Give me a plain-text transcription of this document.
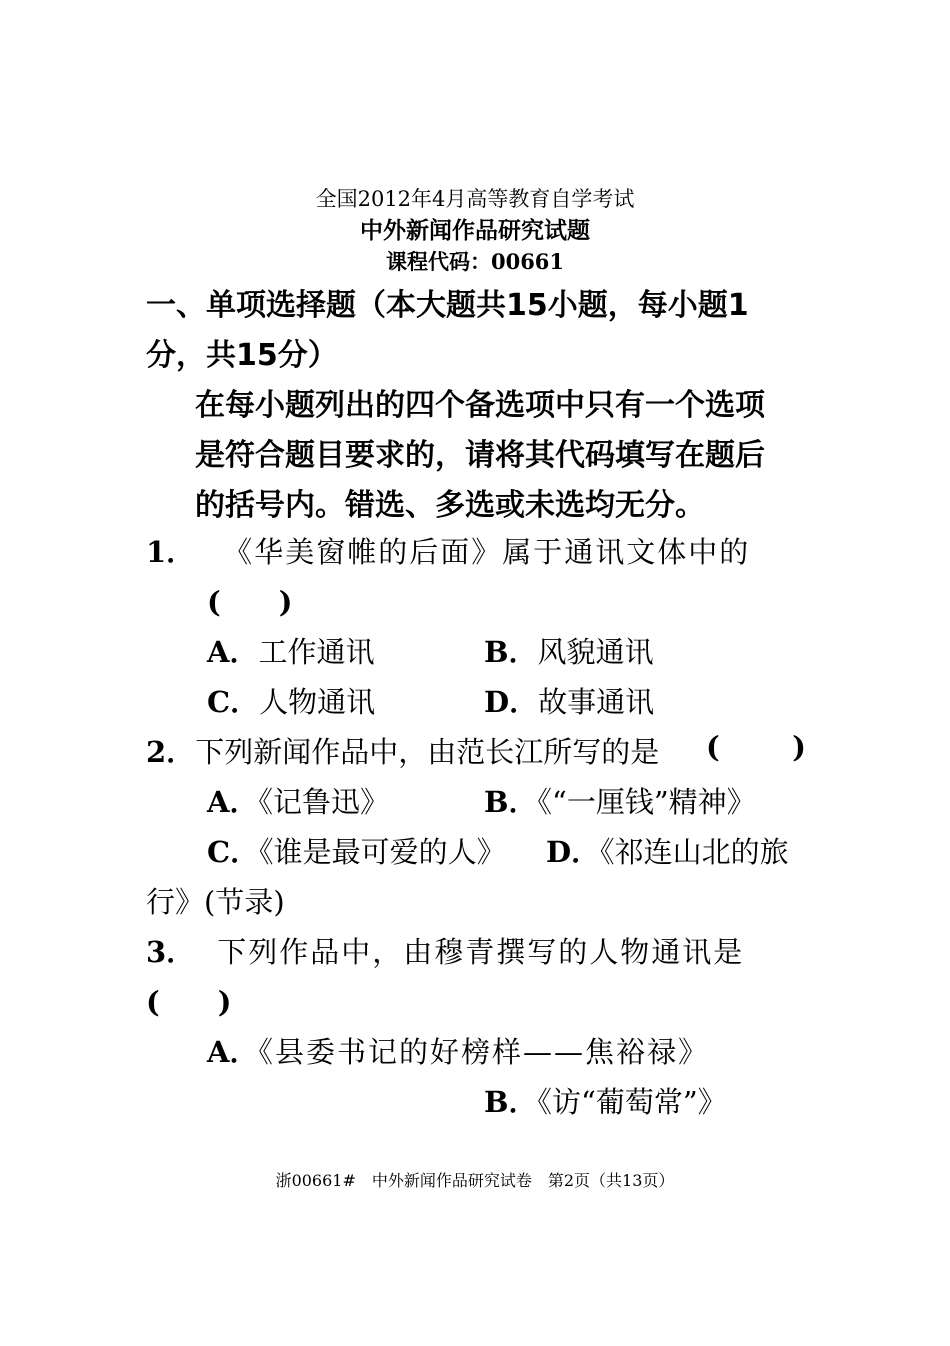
全国2012年4月高等教育自学考试
中外新闻作品研究试题
课程代码：00661
一、单项选择题（本大题共15小题，每小题1
分，共15分）
在每小题列出的四个备选项中只有一个选项
是符合题目要求的，请将其代码填写在题后
的括号内。错选、多选或未选均无分。
1． 《华美窗帷的后面》属于通讯文体中的
(　　)
A．工作通讯	B．风貌通讯
C．人物通讯	D．故事通讯
2．下列新闻作品中，由范长江所写的是 (	)
A．《记鲁迅》	B．《“一厘钱”精神》
C．《谁是最可爱的人》 D．《祁连山北的旅
行》(节录)
3． 下列作品中，由穆青撰写的人物通讯是
(　　)
A．《县委书记的好榜样——焦裕禄》
B．《访“葡萄常”》
浙00661#　中外新闻作品研究试卷　第2页（共13页）
